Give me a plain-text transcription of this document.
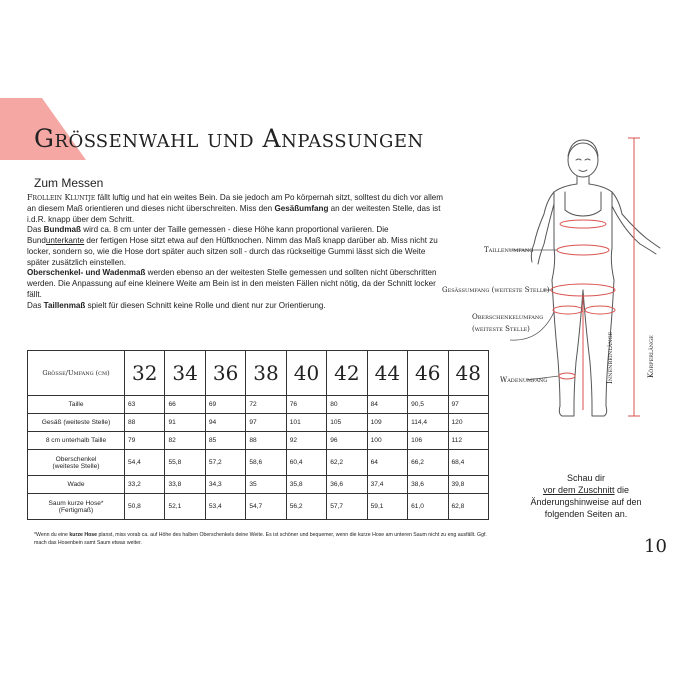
Größenwahl und Anpassungen
Zum Messen

Frollein Kluntje fällt luftig und hat ein weites Bein. Da sie jedoch am Po körpernah sitzt, solltest du dich vor allem an diesem Maß orientieren und dieses nicht überschreiten. Miss den Gesäßumfang an der weitesten Stelle, das ist i.d.R. knapp über dem Schritt.

Das Bundmaß wird ca. 8 cm unter der Taille gemessen - diese Höhe kann proportional variieren. Die Bundunterkante der fertigen Hose sitzt etwa auf den Hüftknochen. Nimm das Maß knapp darüber ab. Miss nicht zu locker, sondern so, wie die Hose dort später auch sitzen soll - durch das rückseitige Gummi lässt sich die Weite später zusätzlich einstellen.

Oberschenkel- und Wadenmaß werden ebenso an der weitesten Stelle gemessen und sollten nicht überschritten werden. Die Anpassung auf eine kleinere Weite am Bein ist in den meisten Fällen nicht nötig, da der Schnitt locker fällt.

Das Taillenmaß spielt für diesen Schnitt keine Rolle und dient nur zur Orientierung.

Größe/Umfang (cm)	32	34	36	38	40	42	44	46	48
Taille	63	66	69	72	76	80	84	90,5	97
Gesäß (weiteste Stelle)	88	91	94	97	101	105	109	114,4	120
8 cm unterhalb Taille	79	82	85	88	92	96	100	106	112
Oberschenkel
(weiteste Stelle)	54,4	55,8	57,2	58,6	60,4	62,2	64	66,2	68,4
Wade	33,2	33,8	34,3	35	35,8	36,6	37,4	38,6	39,8
Saum kurze Hose*
(Fertigmaß)	50,8	52,1	53,4	54,7	56,2	57,7	59,1	61,0	62,8
*Wenn du eine kurze Hose planst, miss vorab ca. auf Höhe des halben Oberschenkels deine Weite. Es ist schöner und bequemer, wenn die kurze Hose am unteren Saum nicht zu eng ausfällt. Ggf. mach das Hosenbein samt Saum etwas weiter.
Taillenumfang
Gesäßumfang (weiteste Stelle)
Oberschenkelumfang
(weiteste Stelle)
Wadenumfang	Innenbeinlänge	Körperlänge
Schau dir
vor dem Zuschnitt die Änderungshinweise auf den folgenden Seiten an.
10
